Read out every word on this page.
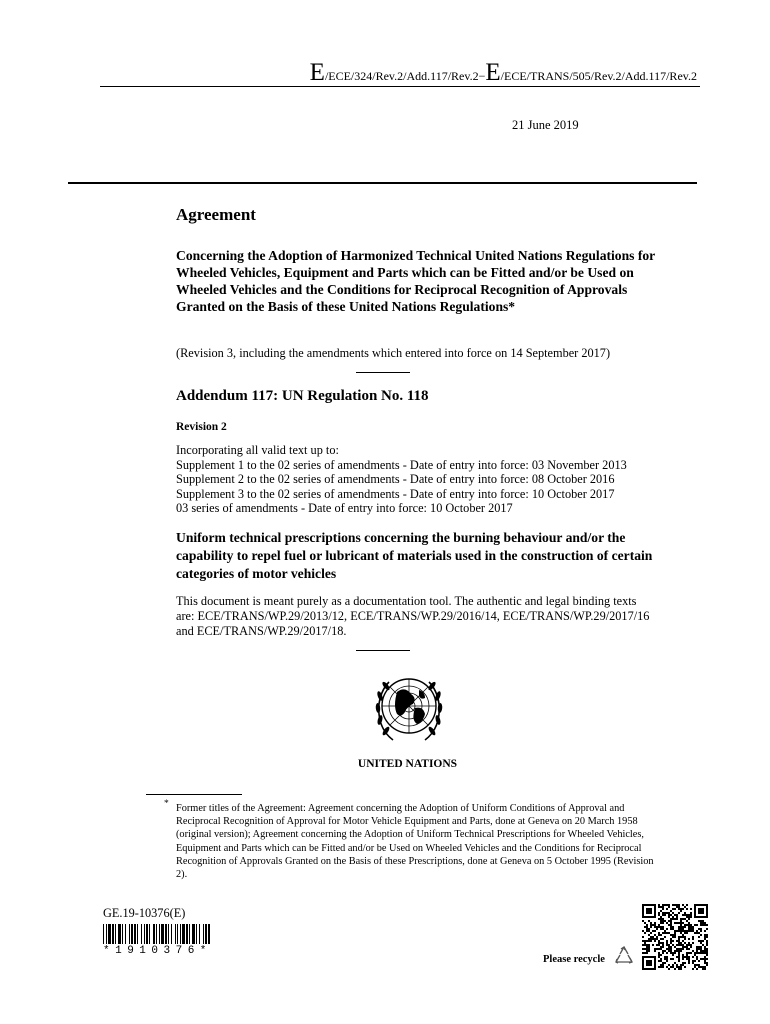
E/ECE/324/Rev.2/Add.117/Rev.2−E/ECE/TRANS/505/Rev.2/Add.117/Rev.2
21 June 2019
Agreement
Concerning the Adoption of Harmonized Technical United Nations Regulations for Wheeled Vehicles, Equipment and Parts which can be Fitted and/or be Used on Wheeled Vehicles and the Conditions for Reciprocal Recognition of Approvals Granted on the Basis of these United Nations Regulations*
(Revision 3, including the amendments which entered into force on 14 September 2017)
Addendum 117: UN Regulation No. 118
Revision 2
Incorporating all valid text up to:
Supplement 1 to the 02 series of amendments - Date of entry into force: 03 November 2013
Supplement 2 to the 02 series of amendments - Date of entry into force: 08 October 2016
Supplement 3 to the 02 series of amendments - Date of entry into force: 10 October 2017
03 series of amendments - Date of entry into force: 10 October 2017
Uniform technical prescriptions concerning the burning behaviour and/or the capability to repel fuel or lubricant of materials used in the construction of certain categories of motor vehicles
This document is meant purely as a documentation tool. The authentic and legal binding texts are: ECE/TRANS/WP.29/2013/12, ECE/TRANS/WP.29/2016/14, ECE/TRANS/WP.29/2017/16 and ECE/TRANS/WP.29/2017/18.
UNITED NATIONS
* Former titles of the Agreement: Agreement concerning the Adoption of Uniform Conditions of Approval and Reciprocal Recognition of Approval for Motor Vehicle Equipment and Parts, done at Geneva on 20 March 1958 (original version); Agreement concerning the Adoption of Uniform Technical Prescriptions for Wheeled Vehicles, Equipment and Parts which can be Fitted and/or be Used on Wheeled Vehicles and the Conditions for Reciprocal Recognition of Approvals Granted on the Basis of these Prescriptions, done at Geneva on 5 October 1995 (Revision 2).
GE.19-10376(E)
*1910376*
Please recycle
